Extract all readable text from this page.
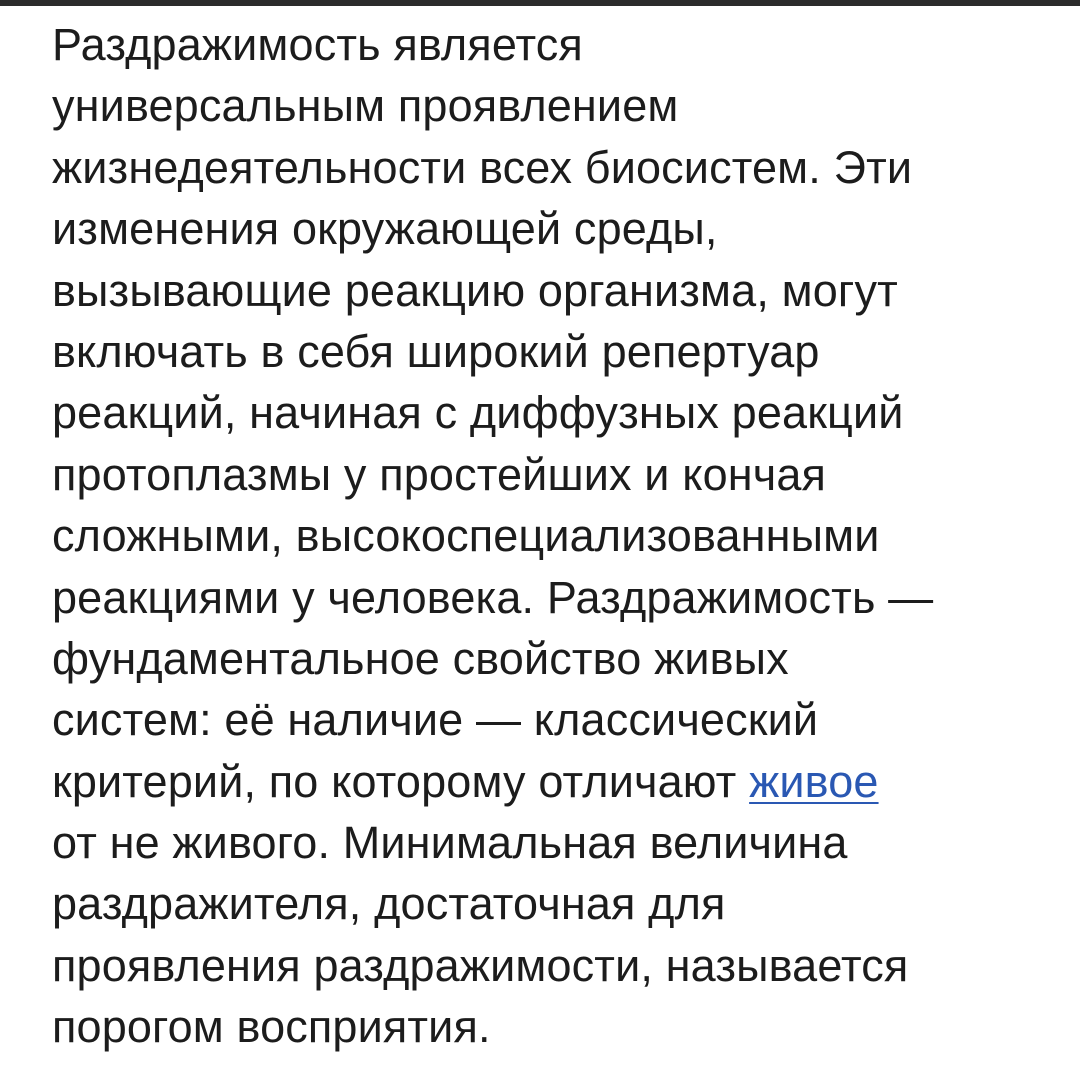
Раздражимость является
универсальным проявлением
жизнедеятельности всех биосистем. Эти
изменения окружающей среды,
вызывающие реакцию организма, могут
включать в себя широкий репертуар
реакций, начиная с диффузных реакций
протоплазмы у простейших и кончая
сложными, высокоспециализованными
реакциями у человека. Раздражимость —
фундаментальное свойство живых
систем: её наличие — классический
критерий, по которому отличают живое
от не живого. Минимальная величина
раздражителя, достаточная для
проявления раздражимости, называется
порогом восприятия.
